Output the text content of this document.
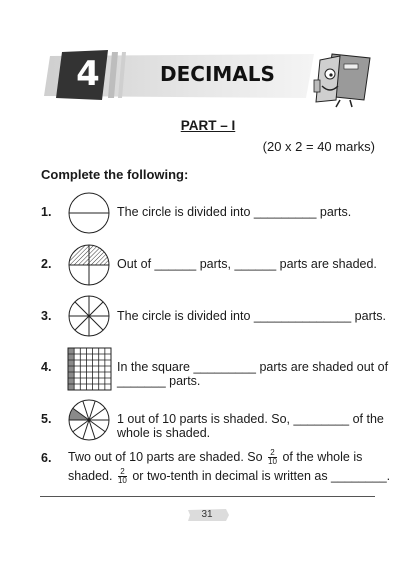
4	DECIMALS
PART – I
(20 x 2 = 40 marks)
Complete the following:
1.	The circle is divided into _________ parts.
2.	Out of ______ parts, ______ parts are shaded.
3.	The circle is divided into ______________ parts.
4.	In the square _________ parts are shaded out of
_______ parts.
5.	1 out of 10 parts is shaded. So, ________ of the
whole is shaded.
6. Two out of 10 parts are shaded. So $\frac{2}{10}$ of the whole is
shaded. $\frac{2}{10}$ or two-tenth in decimal is written as ________.
31
